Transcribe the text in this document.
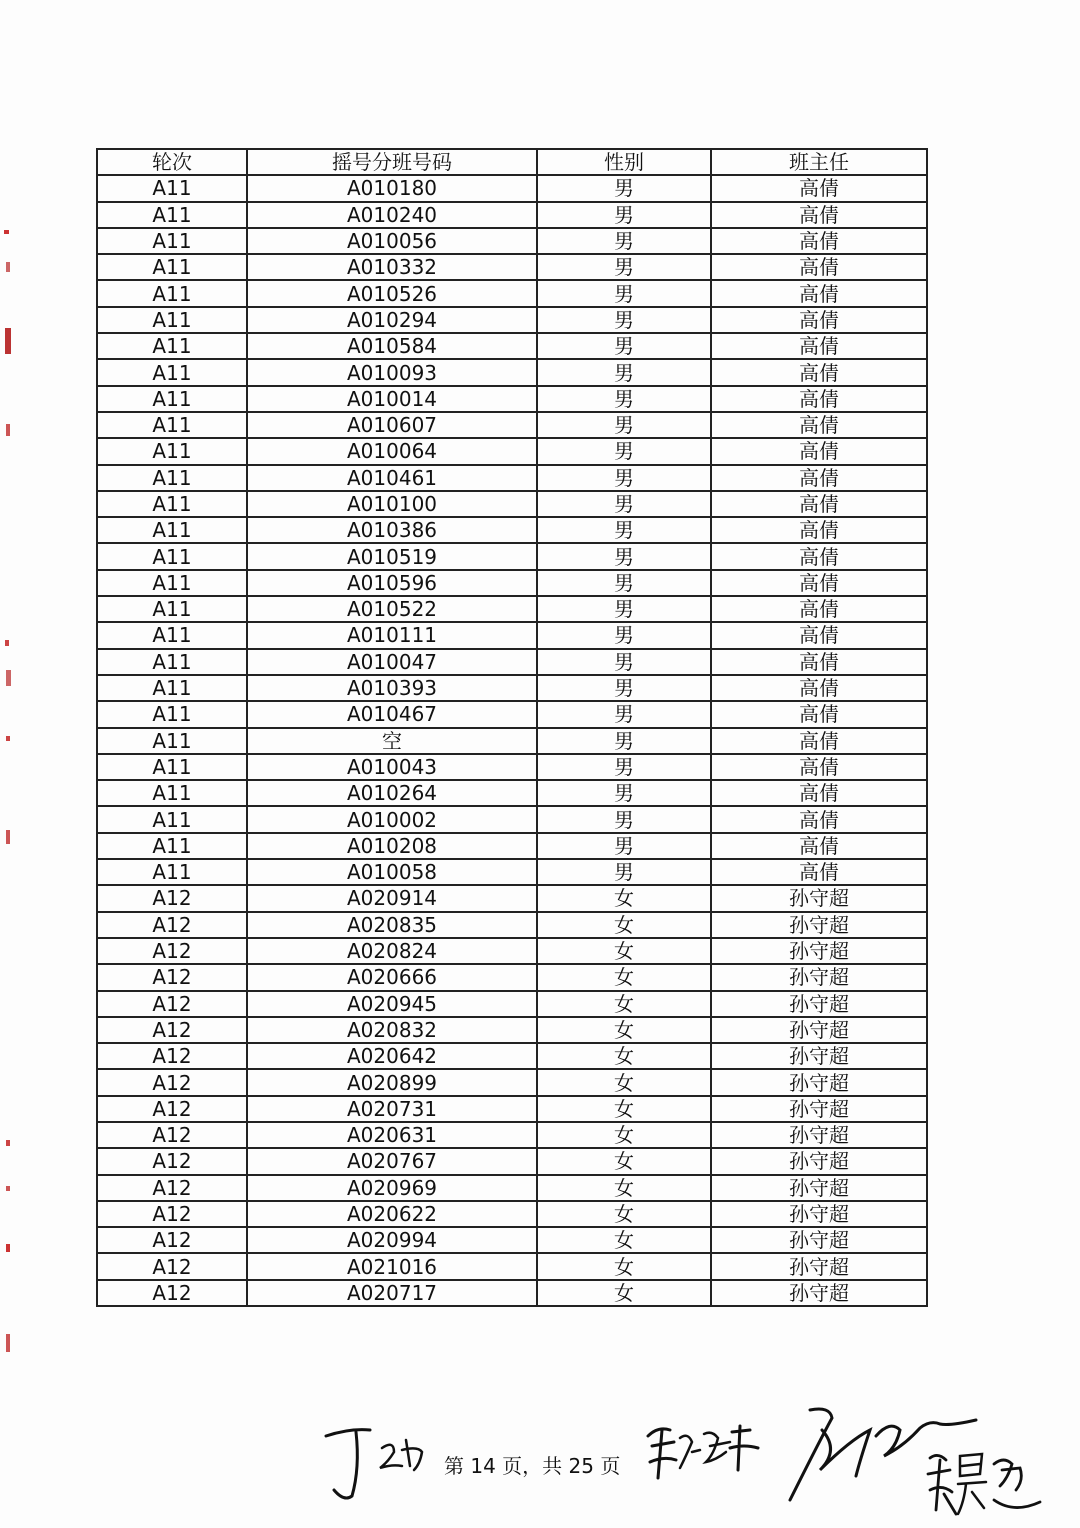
轮次	摇号分班号码	性别	班主任
A11	A010180	男	高倩
A11	A010240	男	高倩
A11	A010056	男	高倩
A11	A010332	男	高倩
A11	A010526	男	高倩
A11	A010294	男	高倩
A11	A010584	男	高倩
A11	A010093	男	高倩
A11	A010014	男	高倩
A11	A010607	男	高倩
A11	A010064	男	高倩
A11	A010461	男	高倩
A11	A010100	男	高倩
A11	A010386	男	高倩
A11	A010519	男	高倩
A11	A010596	男	高倩
A11	A010522	男	高倩
A11	A010111	男	高倩
A11	A010047	男	高倩
A11	A010393	男	高倩
A11	A010467	男	高倩
A11	空	男	高倩
A11	A010043	男	高倩
A11	A010264	男	高倩
A11	A010002	男	高倩
A11	A010208	男	高倩
A11	A010058	男	高倩
A12	A020914	女	孙守超
A12	A020835	女	孙守超
A12	A020824	女	孙守超
A12	A020666	女	孙守超
A12	A020945	女	孙守超
A12	A020832	女	孙守超
A12	A020642	女	孙守超
A12	A020899	女	孙守超
A12	A020731	女	孙守超
A12	A020631	女	孙守超
A12	A020767	女	孙守超
A12	A020969	女	孙守超
A12	A020622	女	孙守超
A12	A020994	女	孙守超
A12	A021016	女	孙守超
A12	A020717	女	孙守超
第 14 页，共 25 页
